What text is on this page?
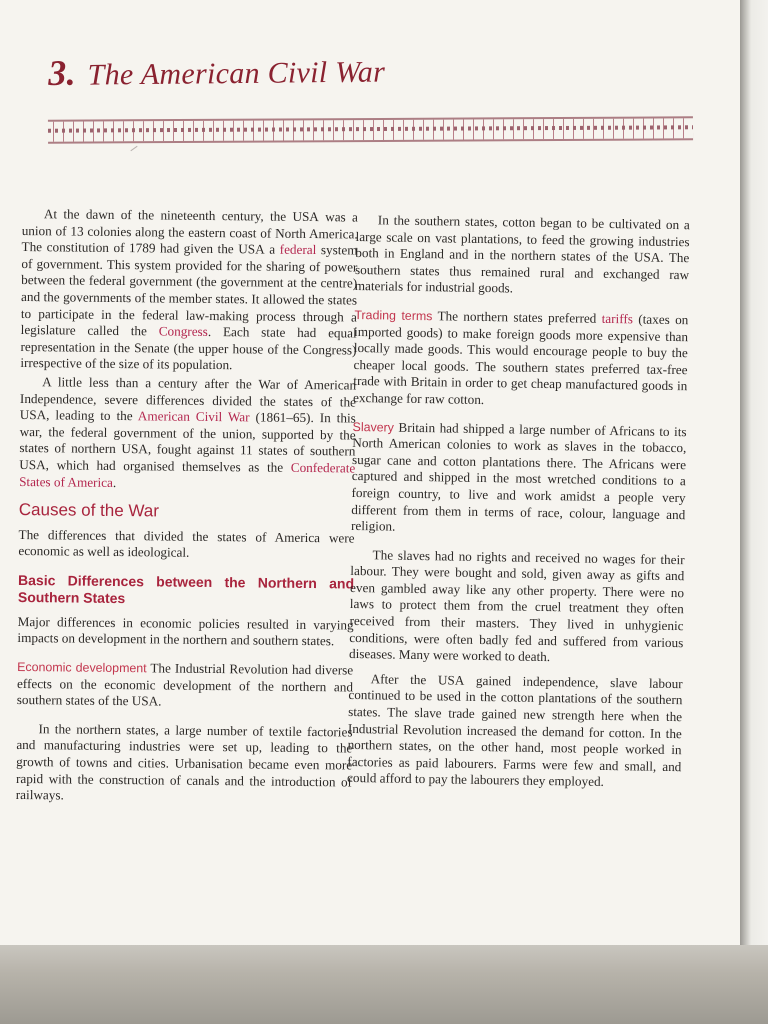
3. The American Civil War

At the dawn of the nineteenth century, the USA was a union of 13 colonies along the eastern coast of North America. The constitution of 1789 had given the USA a federal system of government. This system provided for the sharing of power between the federal government (the government at the centre) and the governments of the member states. It allowed the states to participate in the federal law-making process through a legislature called the Congress. Each state had equal representation in the Senate (the upper house of the Congress) irrespective of the size of its population.

A little less than a century after the War of American Independence, severe differences divided the states of the USA, leading to the American Civil War (1861–65). In this war, the federal government of the union, supported by the states of northern USA, fought against 11 states of southern USA, which had organised themselves as the Confederate States of America.

Causes of the War

The differences that divided the states of America were economic as well as ideological.

Basic Differences between the Northern and Southern States

Major differences in economic policies resulted in varying impacts on development in the northern and southern states.

Economic development The Industrial Revolution had diverse effects on the economic development of the northern and southern states of the USA.

In the northern states, a large number of textile factories and manufacturing industries were set up, leading to the growth of towns and cities. Urbanisation became even more rapid with the construction of canals and the introduction of railways.

In the southern states, cotton began to be cultivated on a large scale on vast plantations, to feed the growing industries both in England and in the northern states of the USA. The southern states thus remained rural and exchanged raw materials for industrial goods.

Trading terms The northern states preferred tariffs (taxes on imported goods) to make foreign goods more expensive than locally made goods. This would encourage people to buy the cheaper local goods. The southern states preferred tax-free trade with Britain in order to get cheap manufactured goods in exchange for raw cotton.

Slavery Britain had shipped a large number of Africans to its North American colonies to work as slaves in the tobacco, sugar cane and cotton plantations there. The Africans were captured and shipped in the most wretched conditions to a foreign country, to live and work amidst a people very different from them in terms of race, colour, language and religion.

The slaves had no rights and received no wages for their labour. They were bought and sold, given away as gifts and even gambled away like any other property. There were no laws to protect them from the cruel treatment they often received from their masters. They lived in unhygienic conditions, were often badly fed and suffered from various diseases. Many were worked to death.

After the USA gained independence, slave labour continued to be used in the cotton plantations of the southern states. The slave trade gained new strength here when the Industrial Revolution increased the demand for cotton. In the northern states, on the other hand, most people worked in factories as paid labourers. Farms were few and small, and could afford to pay the labourers they employed.
